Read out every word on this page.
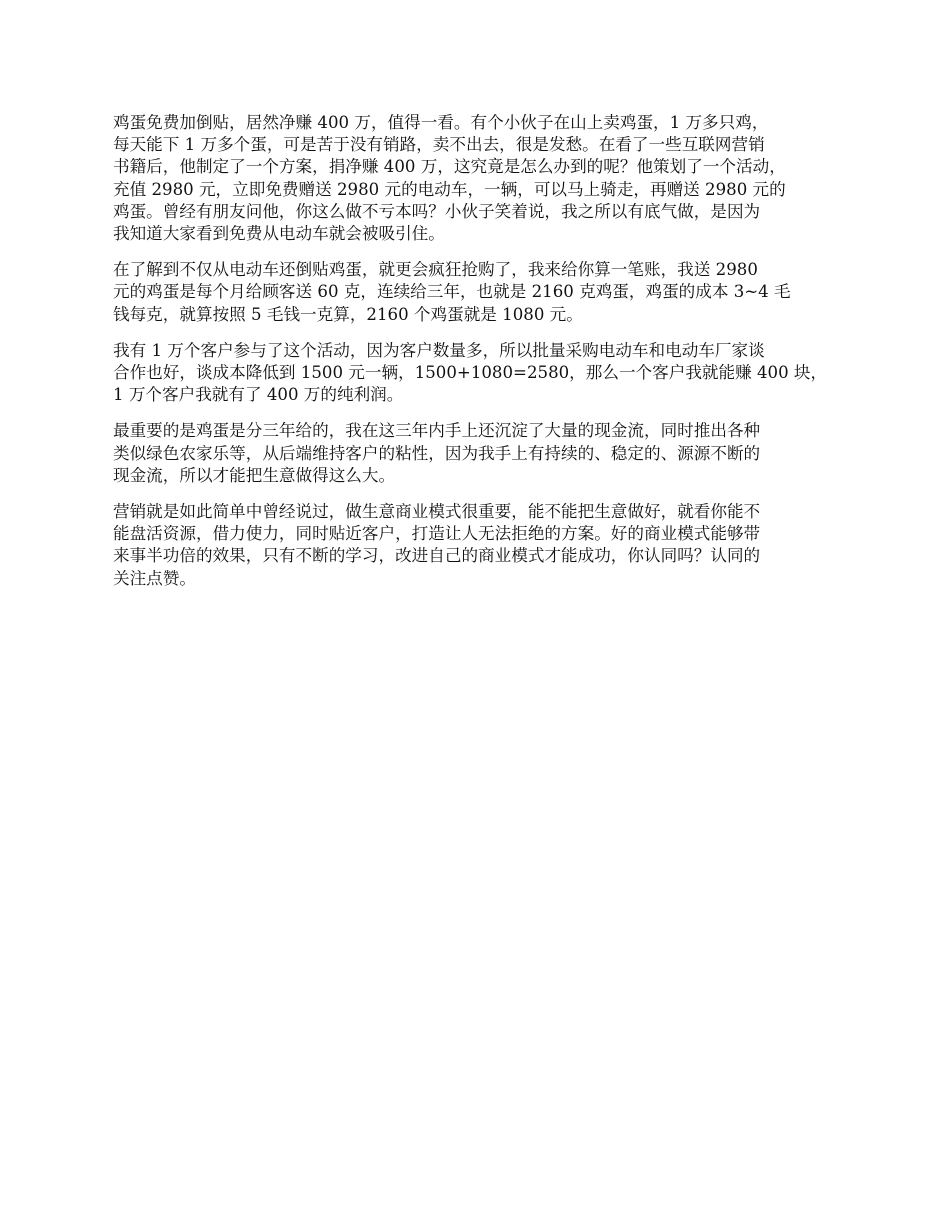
鸡蛋免费加倒贴，居然净赚 400 万，值得一看。有个小伙子在山上卖鸡蛋，1 万多只鸡，
每天能下 1 万多个蛋，可是苦于没有销路，卖不出去，很是发愁。在看了一些互联网营销
书籍后，他制定了一个方案，捐净赚 400 万，这究竟是怎么办到的呢？他策划了一个活动，
充值 2980 元，立即免费赠送 2980 元的电动车，一辆，可以马上骑走，再赠送 2980 元的
鸡蛋。曾经有朋友问他，你这么做不亏本吗？小伙子笑着说，我之所以有底气做，是因为
我知道大家看到免费从电动车就会被吸引住。

在了解到不仅从电动车还倒贴鸡蛋，就更会疯狂抢购了，我来给你算一笔账，我送 2980
元的鸡蛋是每个月给顾客送 60 克，连续给三年，也就是 2160 克鸡蛋，鸡蛋的成本 3~4 毛
钱每克，就算按照 5 毛钱一克算，2160 个鸡蛋就是 1080 元。

我有 1 万个客户参与了这个活动，因为客户数量多，所以批量采购电动车和电动车厂家谈
合作也好，谈成本降低到 1500 元一辆，1500+1080=2580，那么一个客户我就能赚 400 块，
1 万个客户我就有了 400 万的纯利润。

最重要的是鸡蛋是分三年给的，我在这三年内手上还沉淀了大量的现金流，同时推出各种
类似绿色农家乐等，从后端维持客户的粘性，因为我手上有持续的、稳定的、源源不断的
现金流，所以才能把生意做得这么大。

营销就是如此简单中曾经说过，做生意商业模式很重要，能不能把生意做好，就看你能不
能盘活资源，借力使力，同时贴近客户，打造让人无法拒绝的方案。好的商业模式能够带
来事半功倍的效果，只有不断的学习，改进自己的商业模式才能成功，你认同吗？认同的
关注点赞。
